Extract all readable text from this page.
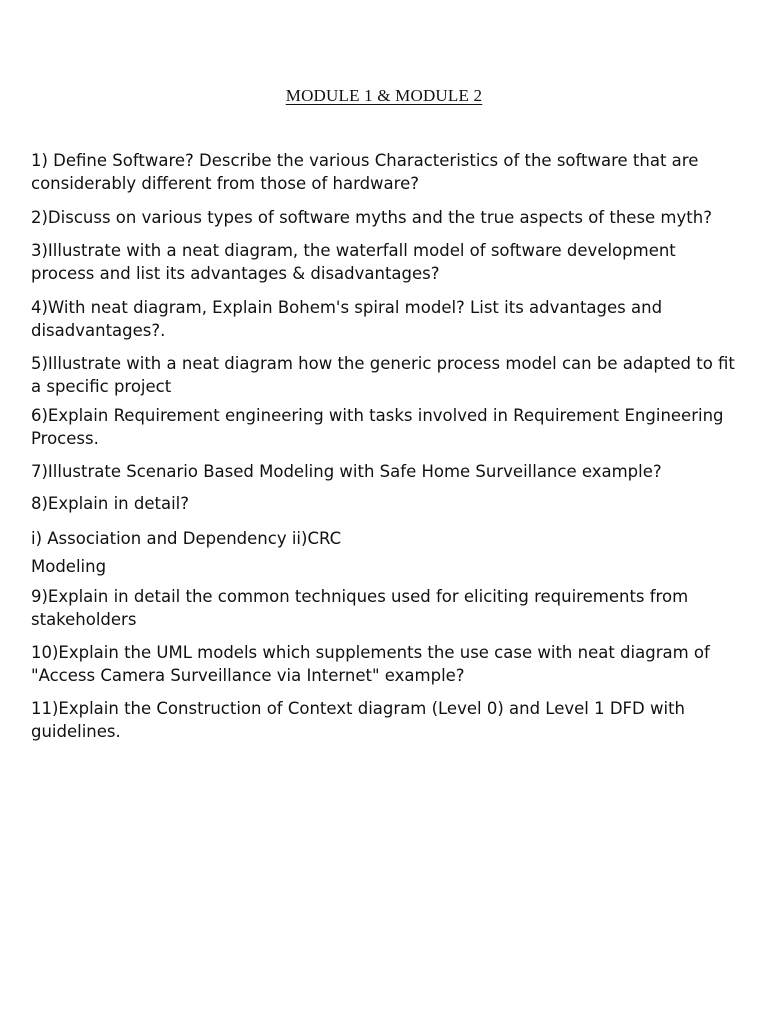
MODULE 1 & MODULE 2

1) Define Software? Describe the various Characteristics of the software that are considerably different from those of hardware?

2)Discuss on various types of software myths and the true aspects of these myth?

3)Illustrate with a neat diagram, the waterfall model of software development process and list its advantages & disadvantages?

4)With neat diagram, Explain Bohem's spiral model? List its advantages and disadvantages?.

5)Illustrate with a neat diagram how the generic process model can be adapted to fit a specific project

6)Explain Requirement engineering with tasks involved in Requirement Engineering Process.

7)Illustrate Scenario Based Modeling with Safe Home Surveillance example?

8)Explain in detail?

i) Association and Dependency ii)CRC

Modeling

9)Explain in detail the common techniques used for eliciting requirements from stakeholders

10)Explain the UML models which supplements the use case with neat diagram of "Access Camera Surveillance via Internet" example?

11)Explain the Construction of Context diagram (Level 0) and Level 1 DFD with guidelines.
